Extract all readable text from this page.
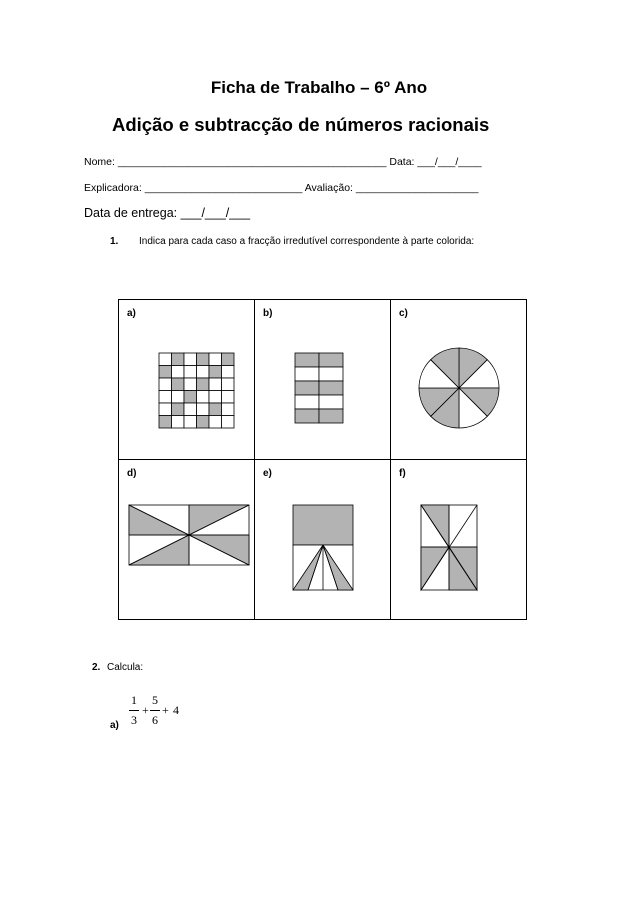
Ficha de Trabalho – 6º Ano
Adição e subtracção de números racionais
Nome: ______________________________________________ Data: ___/___/____
Explicadora: ___________________________ Avaliação: _____________________
Data de entrega: ___/___/___
1. Indica para cada caso a fracção irredutível correspondente à parte colorida:
a)	b)	c)

d)	e)	f)
2. Calcula:
a)
1
3
+
5
6
+ 4
